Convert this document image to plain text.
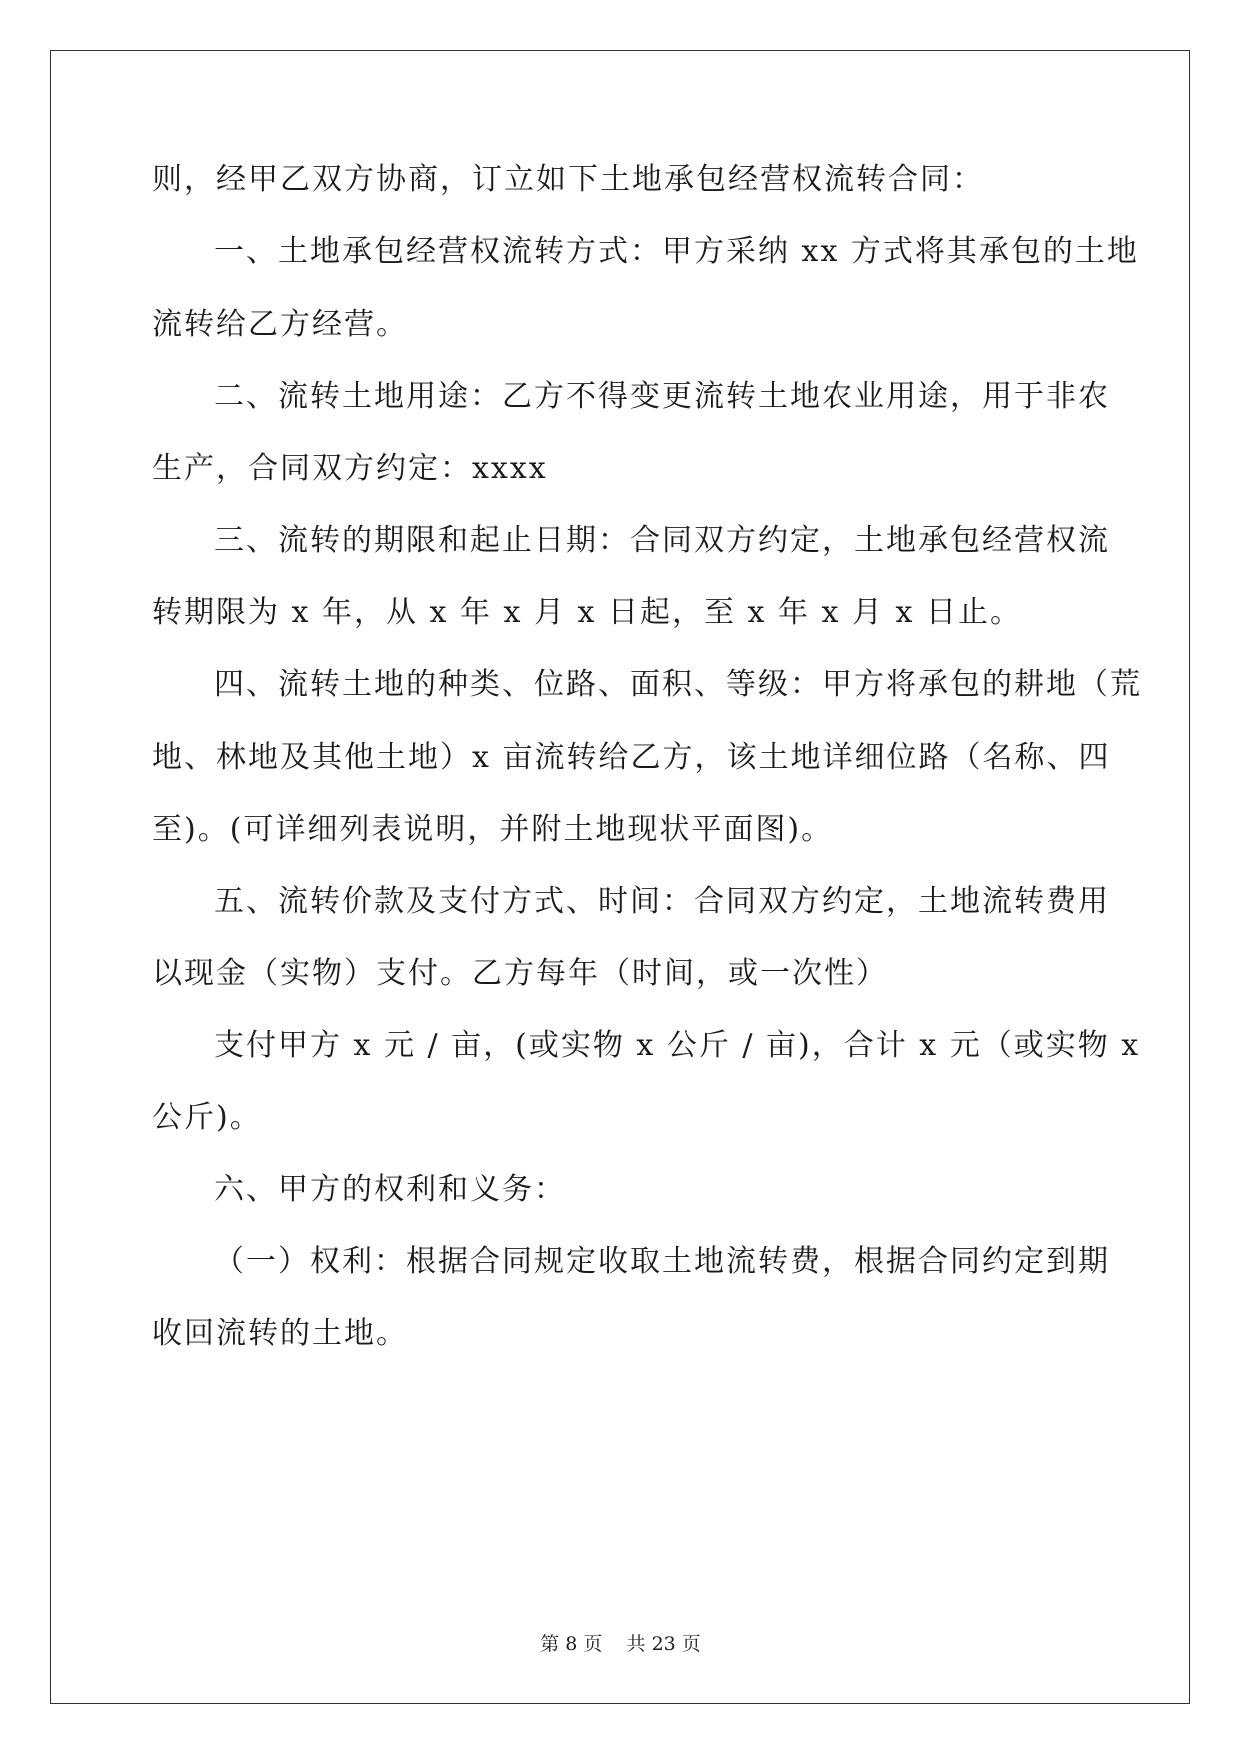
则，经甲乙双方协商，订立如下土地承包经营权流转合同：
一、土地承包经营权流转方式：甲方采纳 xx 方式将其承包的土地
流转给乙方经营。
二、流转土地用途：乙方不得变更流转土地农业用途，用于非农
生产，合同双方约定：xxxx
三、流转的期限和起止日期：合同双方约定，土地承包经营权流
转期限为 x 年，从 x 年 x 月 x 日起，至 x 年 x 月 x 日止。
四、流转土地的种类、位路、面积、等级：甲方将承包的耕地（荒
地、林地及其他土地）x 亩流转给乙方，该土地详细位路（名称、四
至)。(可详细列表说明，并附土地现状平面图)。
五、流转价款及支付方式、时间：合同双方约定，土地流转费用
以现金（实物）支付。乙方每年（时间，或一次性）
支付甲方 x 元 / 亩，(或实物 x 公斤 / 亩)，合计 x 元（或实物 x
公斤)。
六、甲方的权利和义务：
（一）权利：根据合同规定收取土地流转费，根据合同约定到期
收回流转的土地。
第 8 页 共 23 页
